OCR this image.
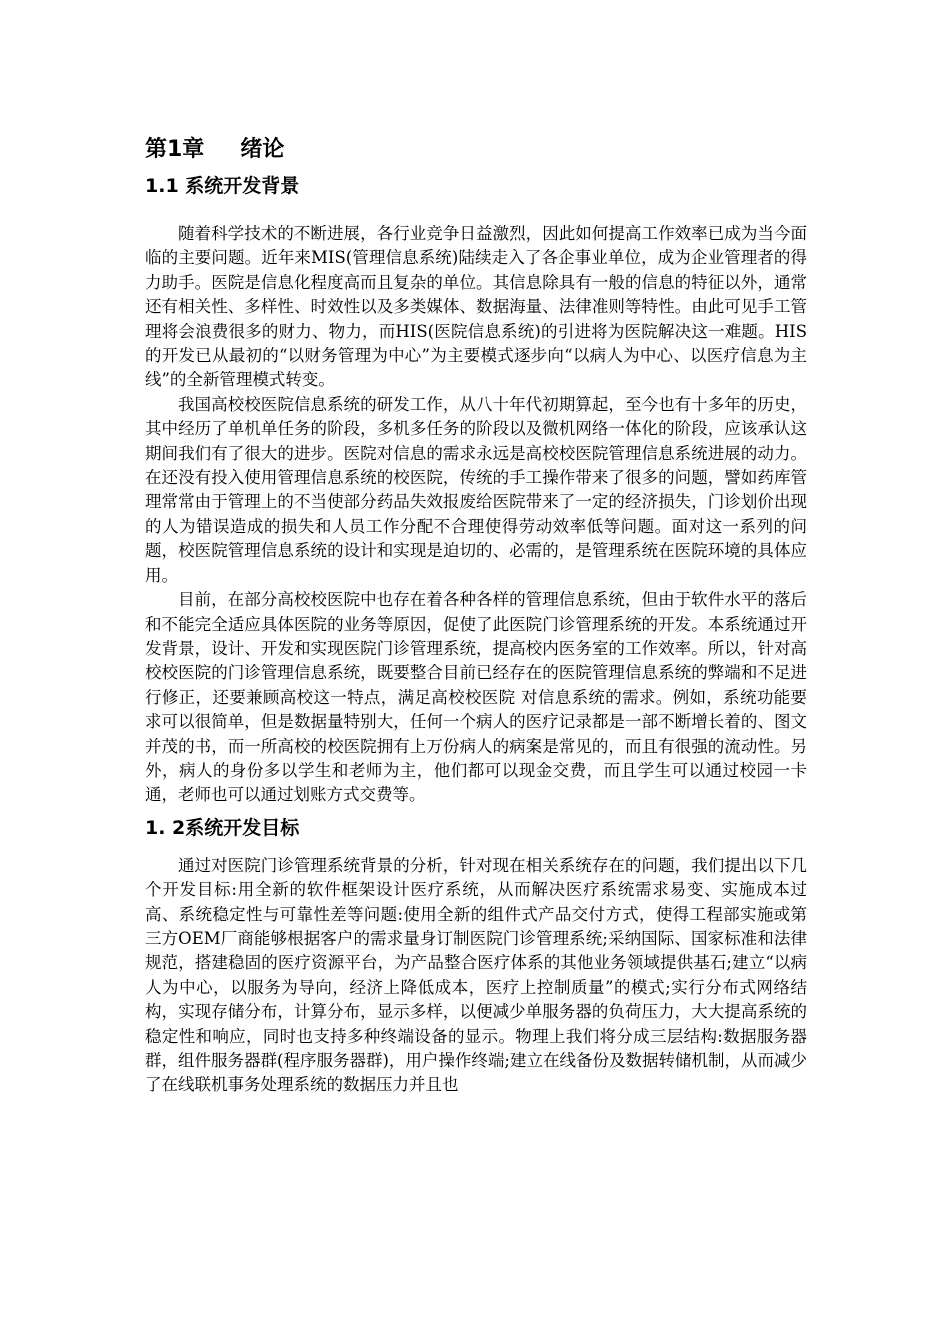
第1章 绪论
1.1 系统开发背景

随着科学技术的不断进展，各行业竞争日益激烈，因此如何提高工作效率已成为当今面临的主要问题。近年来MIS(管理信息系统)陆续走入了各企事业单位，成为企业管理者的得力助手。医院是信息化程度高而且复杂的单位。其信息除具有一般的信息的特征以外，通常还有相关性、多样性、时效性以及多类媒体、数据海量、法律准则等特性。由此可见手工管理将会浪费很多的财力、物力，而HIS(医院信息系统)的引进将为医院解决这一难题。HIS的开发已从最初的“以财务管理为中心”为主要模式逐步向“以病人为中心、以医疗信息为主线”的全新管理模式转变。

我国高校校医院信息系统的研发工作，从八十年代初期算起，至今也有十多年的历史，其中经历了单机单任务的阶段，多机多任务的阶段以及微机网络一体化的阶段，应该承认这期间我们有了很大的进步。医院对信息的需求永远是高校校医院管理信息系统进展的动力。在还没有投入使用管理信息系统的校医院，传统的手工操作带来了很多的问题，譬如药库管理常常由于管理上的不当使部分药品失效报废给医院带来了一定的经济损失，门诊划价出现的人为错误造成的损失和人员工作分配不合理使得劳动效率低等问题。面对这一系列的问题，校医院管理信息系统的设计和实现是迫切的、必需的，是管理系统在医院环境的具体应用。

目前，在部分高校校医院中也存在着各种各样的管理信息系统，但由于软件水平的落后和不能完全适应具体医院的业务等原因，促使了此医院门诊管理系统的开发。本系统通过开发背景，设计、开发和实现医院门诊管理系统，提高校内医务室的工作效率。所以，针对高校校医院的门诊管理信息系统，既要整合目前已经存在的医院管理信息系统的弊端和不足进行修正，还要兼顾高校这一特点，满足高校校医院 对信息系统的需求。例如，系统功能要求可以很简单，但是数据量特别大，任何一个病人的医疗记录都是一部不断增长着的、图文并茂的书，而一所高校的校医院拥有上万份病人的病案是常见的，而且有很强的流动性。另外，病人的身份多以学生和老师为主，他们都可以现金交费，而且学生可以通过校园一卡通，老师也可以通过划账方式交费等。

1. 2系统开发目标

通过对医院门诊管理系统背景的分析，针对现在相关系统存在的问题，我们提出以下几个开发目标:用全新的软件框架设计医疗系统，从而解决医疗系统需求易变、实施成本过高、系统稳定性与可靠性差等问题:使用全新的组件式产品交付方式，使得工程部实施或第三方OEM厂商能够根据客户的需求量身订制医院门诊管理系统;采纳国际、国家标准和法律规范，搭建稳固的医疗资源平台，为产品整合医疗体系的其他业务领域提供基石;建立“以病人为中心，以服务为导向，经济上降低成本，医疗上控制质量”的模式;实行分布式网络结构，实现存储分布，计算分布，显示多样，以便减少单服务器的负荷压力，大大提高系统的稳定性和响应，同时也支持多种终端设备的显示。物理上我们将分成三层结构:数据服务器群，组件服务器群(程序服务器群)，用户操作终端;建立在线备份及数据转储机制，从而减少了在线联机事务处理系统的数据压力并且也
